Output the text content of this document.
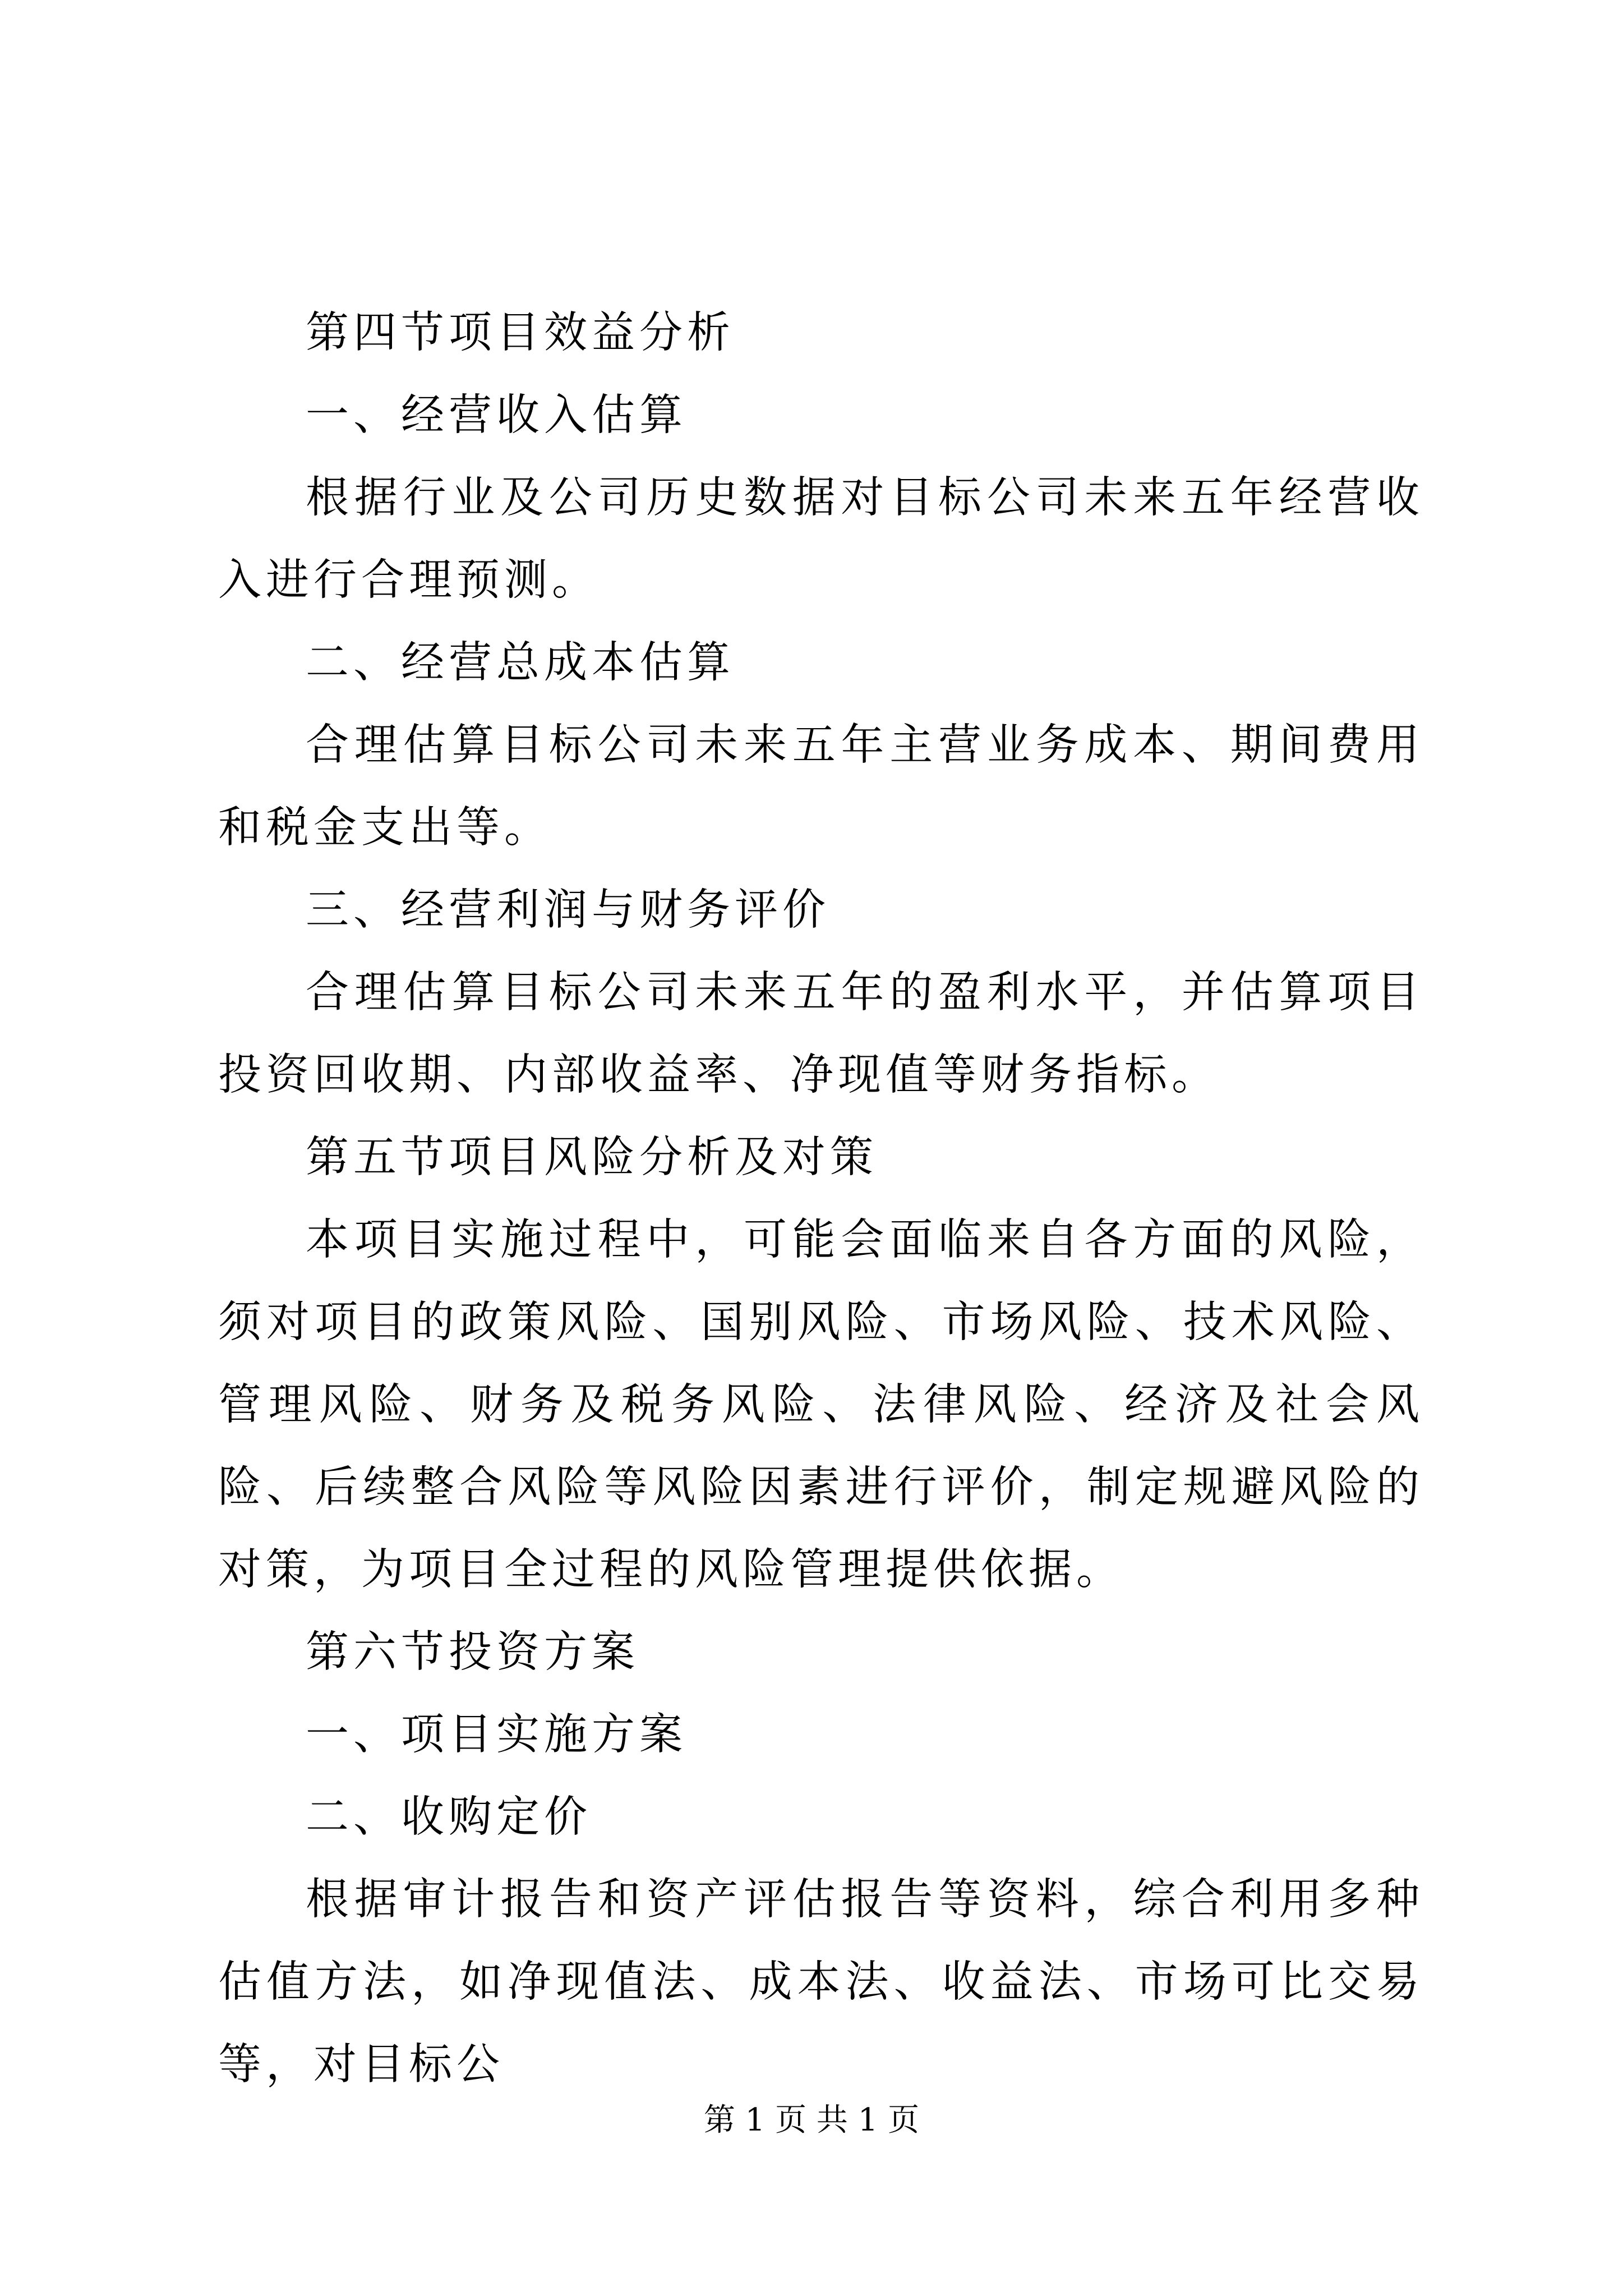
第四节项目效益分析

一、经营收入估算

根据行业及公司历史数据对目标公司未来五年经营收入进行合理预测。

二、经营总成本估算

合理估算目标公司未来五年主营业务成本、期间费用和税金支出等。

三、经营利润与财务评价

合理估算目标公司未来五年的盈利水平，并估算项目投资回收期、内部收益率、净现值等财务指标。

第五节项目风险分析及对策

本项目实施过程中，可能会面临来自各方面的风险，须对项目的政策风险、国别风险、市场风险、技术风险、管理风险、财务及税务风险、法律风险、经济及社会风险、后续整合风险等风险因素进行评价，制定规避风险的对策，为项目全过程的风险管理提供依据。

第六节投资方案

一、项目实施方案

二、收购定价

根据审计报告和资产评估报告等资料，综合利用多种估值方法，如净现值法、成本法、收益法、市场可比交易等，对目标公

第 1 页 共 1 页
